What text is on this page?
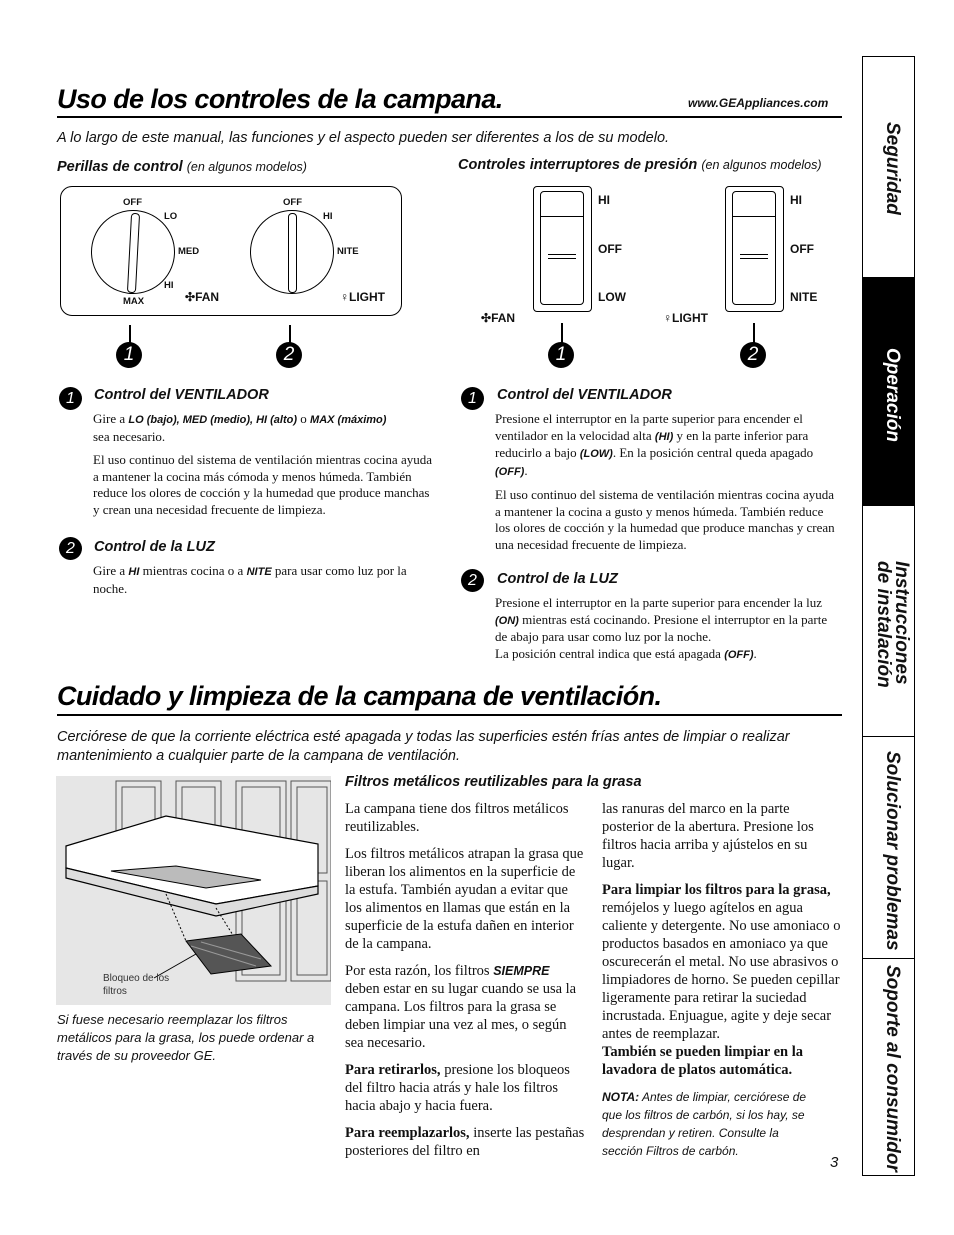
Uso de los controles de la campana.	www.GEAppliances.com
A lo largo de este manual, las funciones y el aspecto pueden ser diferentes a los de su modelo.
Perillas de control (en algunos modelos)
OFF
LO
MED
HI
MAX	✣FAN
OFF
HI
NITE
♀LIGHT
1	2
Controles interruptores de presión (en algunos modelos)
HI
OFF
LOW
✣FAN
1
HI
OFF
NITE
♀LIGHT
2
1	Control del VENTILADOR

Gire a LO (bajo), MED (medio), HI (alto) o MAX (máximo)
sea necesario.

El uso continuo del sistema de ventilación mientras cocina ayuda a mantener la cocina más cómoda y menos húmeda. También reduce los olores de cocción y la humedad que produce manchas y crean una necesidad frecuente de limpieza.

2	Control de la LUZ

Gire a HI mientras cocina o a NITE para usar como luz por la noche.

1	Control del VENTILADOR

Presione el interruptor en la parte superior para encender el ventilador en la velocidad alta (HI) y en la parte inferior para reducirlo a bajo (LOW). En la posición central queda apagado (OFF).

El uso continuo del sistema de ventilación mientras cocina ayuda a mantener la cocina a gusto y menos húmeda. También reduce los olores de cocción y la humedad que produce manchas y crean una necesidad frecuente de limpieza.

2	Control de la LUZ

Presione el interruptor en la parte superior para encender la luz (ON) mientras está cocinando. Presione el interruptor en la parte de abajo para usar como luz por la noche.

La posición central indica que está apagada (OFF).

Cuidado y limpieza de la campana de ventilación.
Cerciórese de que la corriente eléctrica esté apagada y todas las superficies estén frías antes de limpiar o realizar mantenimiento a cualquier parte de la campana de ventilación.
Filtros metálicos reutilizables para la grasa
Bloqueo de los filtros
Si fuese necesario reemplazar los filtros metálicos para la grasa, los puede ordenar a través de su proveedor GE.

La campana tiene dos filtros metálicos reutilizables.

Los filtros metálicos atrapan la grasa que liberan los alimentos en la superficie de la estufa. También ayudan a evitar que los alimentos en llamas que están en la superficie de la estufa dañen en interior de la campana.

Por esta razón, los filtros SIEMPRE deben estar en su lugar cuando se usa la campana. Los filtros para la grasa se deben limpiar una vez al mes, o según sea necesario.

Para retirarlos, presione los bloqueos del filtro hacia atrás y hale los filtros hacia abajo y hacia fuera.

Para reemplazarlos, inserte las pestañas posteriores del filtro en

las ranuras del marco en la parte posterior de la abertura. Presione los filtros hacia arriba y ajústelos en su lugar.

Para limpiar los filtros para la grasa, remójelos y luego agítelos en agua caliente y detergente. No use amoniaco o productos basados en amoniaco ya que oscurecerán el metal. No use abrasivos o limpiadores de horno. Se pueden cepillar ligeramente para retirar la suciedad incrustada. Enjuague, agite y deje secar antes de reemplazar.
También se pueden limpiar en la lavadora de platos automática.

NOTA: Antes de limpiar, cerciórese de que los filtros de carbón, si los hay, se desprendan y retiren. Consulte la sección Filtros de carbón.
3
Seguridad
Operación
Instrucciones
de instalación
Solucionar problemas
Soporte al consumidor
